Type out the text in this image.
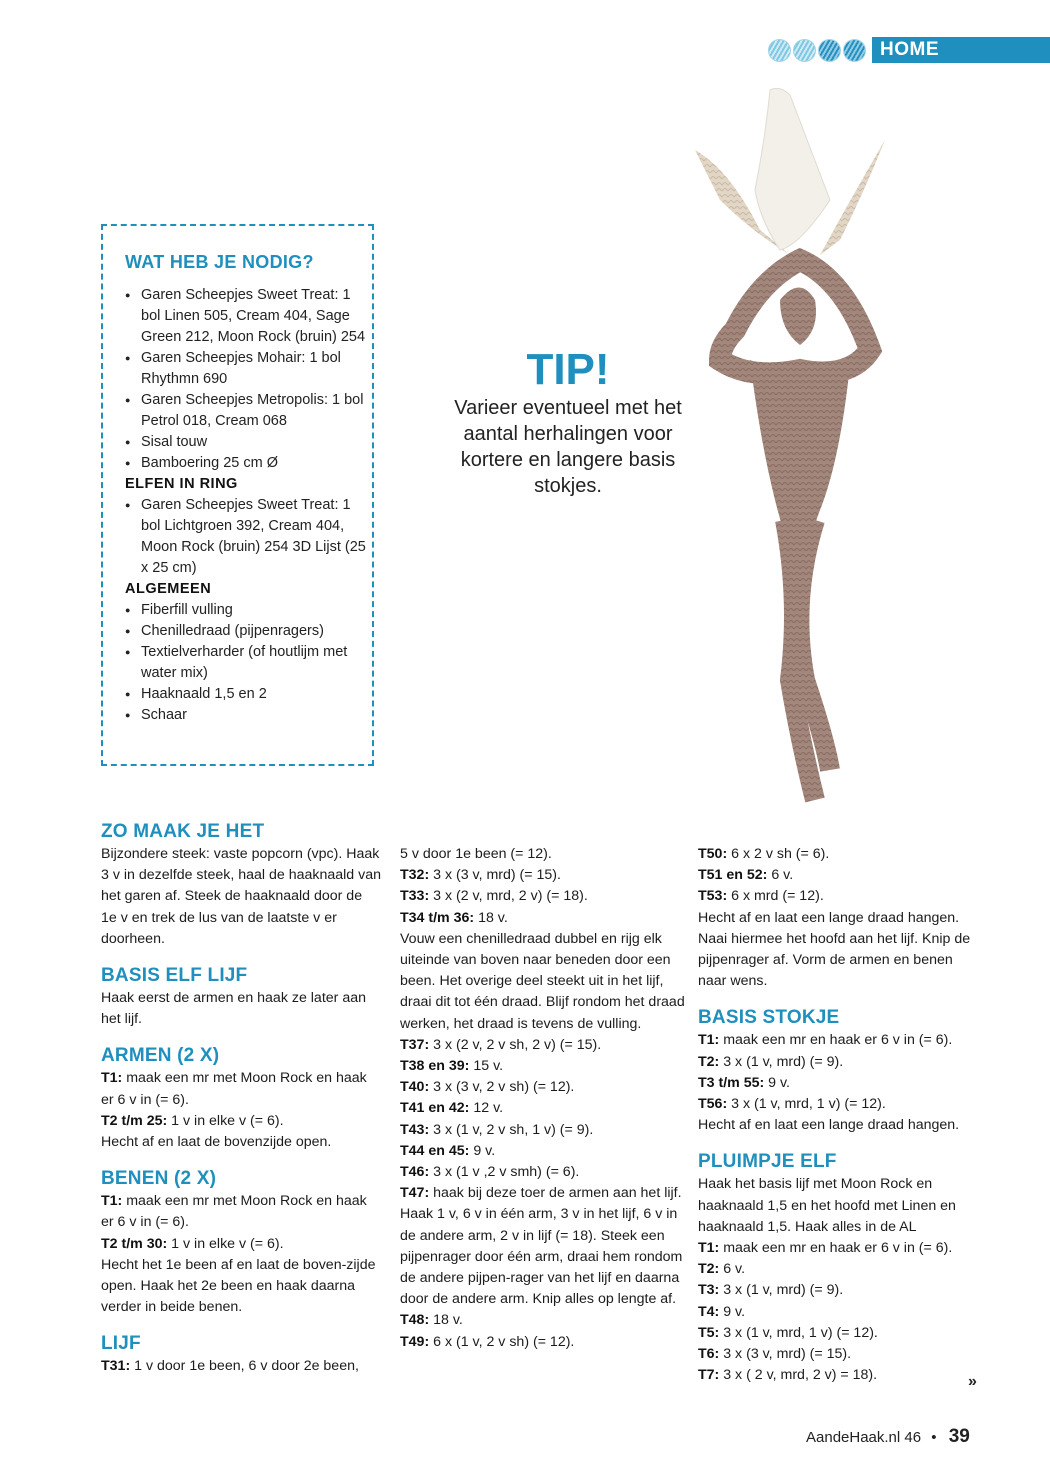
HOME DECO
WAT HEB JE NODIG?
● Garen Scheepjes Sweet Treat: 1 bol Linen 505, Cream 404, Sage Green 212, Moon Rock (bruin) 254
● Garen Scheepjes Mohair: 1 bol Rhythmn 690
● Garen Scheepjes Metropolis: 1 bol Petrol 018, Cream 068
● Sisal touw
● Bamboering 25 cm Ø
ELFEN IN RING
● Garen Scheepjes Sweet Treat: 1 bol Lichtgroen 392, Cream 404, Moon Rock (bruin) 254 3D Lijst (25 x 25 cm)
ALGEMEEN
● Fiberfill vulling
● Chenilledraad (pijpenragers)
● Textielverharder (of houtlijm met water mix)
● Haaknaald 1,5 en 2
● Schaar
TIP!
Varieer eventueel met het aantal herhalingen voor kortere en langere basis stokjes.
ZO MAAK JE HET

Bijzondere steek: vaste popcorn (vpc). Haak 3 v in dezelfde steek, haal de haaknaald van het garen af. Steek de haaknaald door de 1e v en trek de lus van de laatste v er doorheen.

BASIS ELF LIJF

Haak eerst de armen en haak ze later aan het lijf.

ARMEN (2 X)

T1: maak een mr met Moon Rock en haak er 6 v in (= 6).

T2 t/m 25: 1 v in elke v (= 6).

Hecht af en laat de bovenzijde open.

BENEN (2 X)

T1: maak een mr met Moon Rock en haak er 6 v in (= 6).

T2 t/m 30: 1 v in elke v (= 6).

Hecht het 1e been af en laat de boven-zijde open. Haak het 2e been en haak daarna verder in beide benen.

LIJF

T31: 1 v door 1e been, 6 v door 2e been,

5 v door 1e been (= 12).

T32: 3 x (3 v, mrd) (= 15).

T33: 3 x (2 v, mrd, 2 v) (= 18).

T34 t/m 36: 18 v.

Vouw een chenilledraad dubbel en rijg elk uiteinde van boven naar beneden door een been. Het overige deel steekt uit in het lijf, draai dit tot één draad. Blijf rondom het draad werken, het draad is tevens de vulling.

T37: 3 x (2 v, 2 v sh, 2 v) (= 15).

T38 en 39: 15 v.

T40: 3 x (3 v, 2 v sh) (= 12).

T41 en 42: 12 v.

T43: 3 x (1 v, 2 v sh, 1 v) (= 9).

T44 en 45: 9 v.

T46: 3 x (1 v ,2 v smh) (= 6).

T47: haak bij deze toer de armen aan het lijf. Haak 1 v, 6 v in één arm, 3 v in het lijf, 6 v in de andere arm, 2 v in lijf (= 18). Steek een pijpenrager door één arm, draai hem rondom de andere pijpen-rager van het lijf en daarna door de andere arm. Knip alles op lengte af.

T48: 18 v.

T49: 6 x (1 v, 2 v sh) (= 12).

T50: 6 x 2 v sh (= 6).

T51 en 52: 6 v.

T53: 6 x mrd (= 12).

Hecht af en laat een lange draad hangen. Naai hiermee het hoofd aan het lijf. Knip de pijpenrager af. Vorm de armen en benen naar wens.

BASIS STOKJE

T1: maak een mr en haak er 6 v in (= 6).

T2: 3 x (1 v, mrd) (= 9).

T3 t/m 55: 9 v.

T56: 3 x (1 v, mrd, 1 v) (= 12).

Hecht af en laat een lange draad hangen.

PLUIMPJE ELF

Haak het basis lijf met Moon Rock en haaknaald 1,5 en het hoofd met Linen en haaknaald 1,5. Haak alles in de AL

T1: maak een mr en haak er 6 v in (= 6).

T2: 6 v.

T3: 3 x (1 v, mrd) (= 9).

T4: 9 v.

T5: 3 x (1 v, mrd, 1 v) (= 12).

T6: 3 x (3 v, mrd) (= 15).

T7: 3 x ( 2 v, mrd, 2 v) = 18).	»
AandeHaak.nl 46 • 39
